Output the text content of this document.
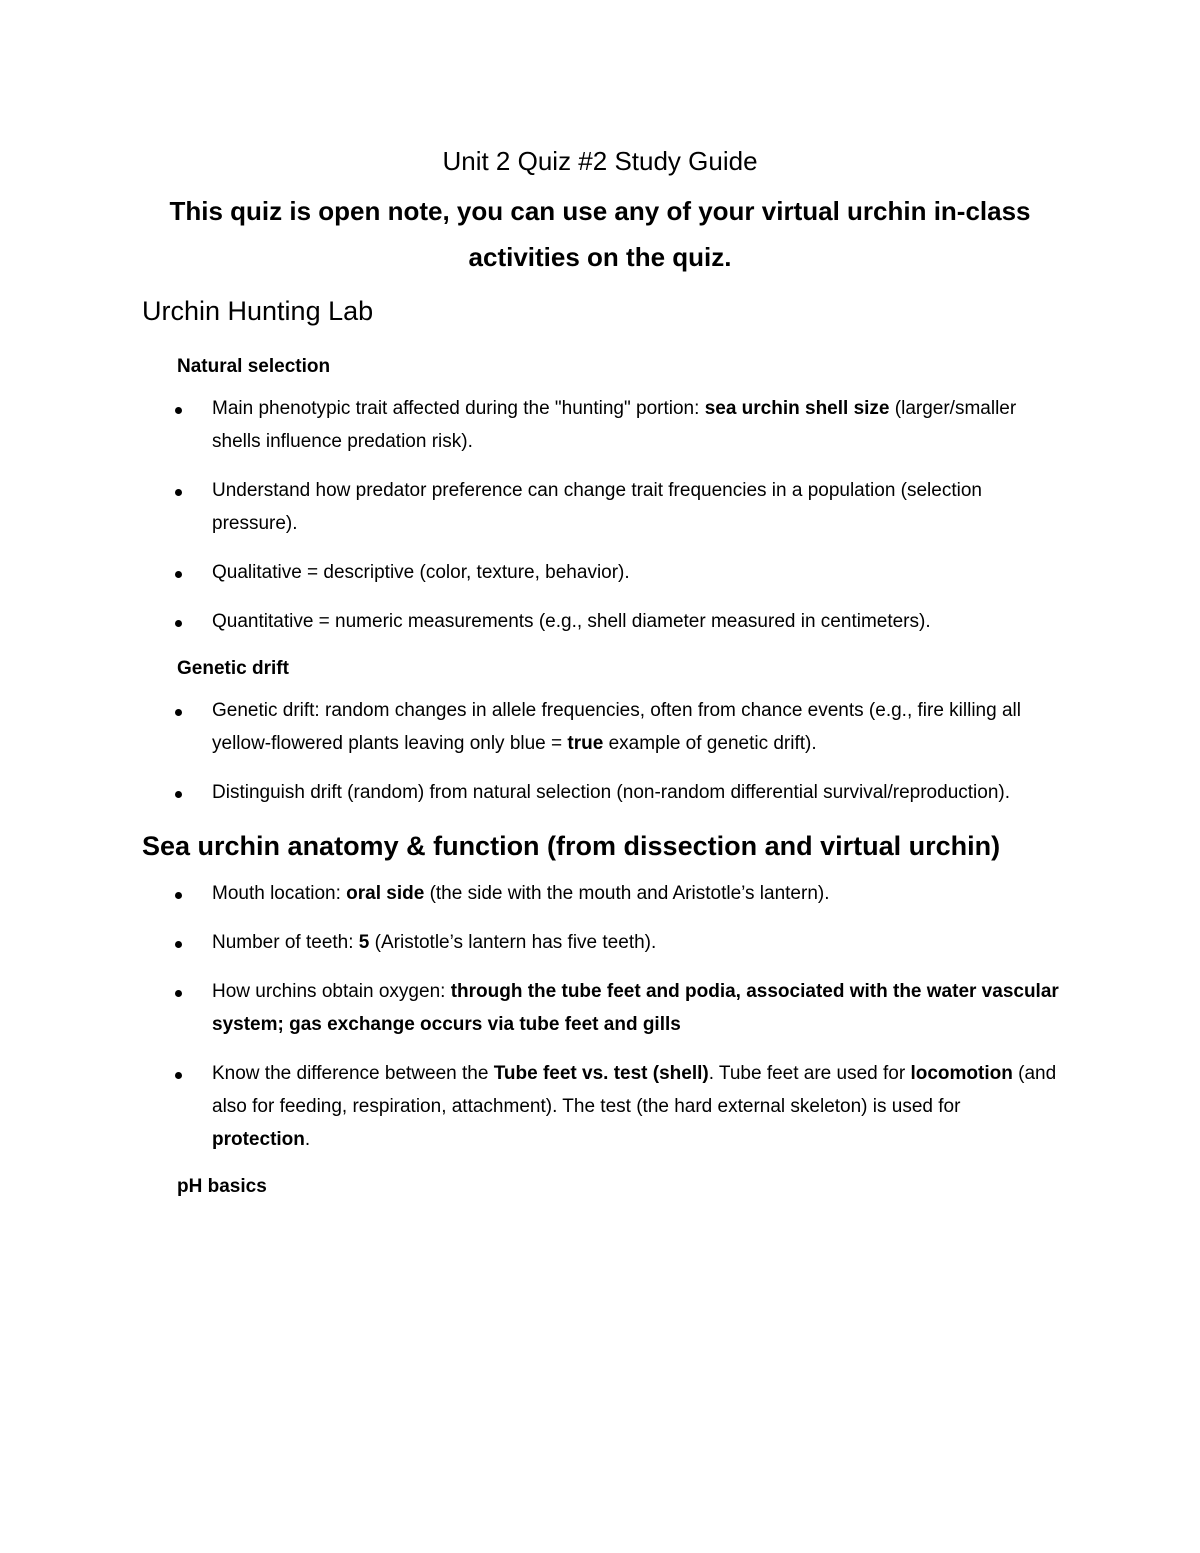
Unit 2 Quiz #2 Study Guide

This quiz is open note, you can use any of your virtual urchin in-class activities on the quiz.

Urchin Hunting Lab
Natural selection
Main phenotypic trait affected during the "hunting" portion: sea urchin shell size (larger/smaller shells influence predation risk).
Understand how predator preference can change trait frequencies in a population (selection pressure).
Qualitative = descriptive (color, texture, behavior).
Quantitative = numeric measurements (e.g., shell diameter measured in centimeters).
Genetic drift
Genetic drift: random changes in allele frequencies, often from chance events (e.g., fire killing all yellow-flowered plants leaving only blue = true example of genetic drift).
Distinguish drift (random) from natural selection (non-random differential survival/reproduction).
Sea urchin anatomy & function (from dissection and virtual urchin)
Mouth location: oral side (the side with the mouth and Aristotle’s lantern).
Number of teeth: 5 (Aristotle’s lantern has five teeth).
How urchins obtain oxygen: through the tube feet and podia, associated with the water vascular system; gas exchange occurs via tube feet and gills
Know the difference between the Tube feet vs. test (shell). Tube feet are used for locomotion (and also for feeding, respiration, attachment). The test (the hard external skeleton) is used for protection.
pH basics
